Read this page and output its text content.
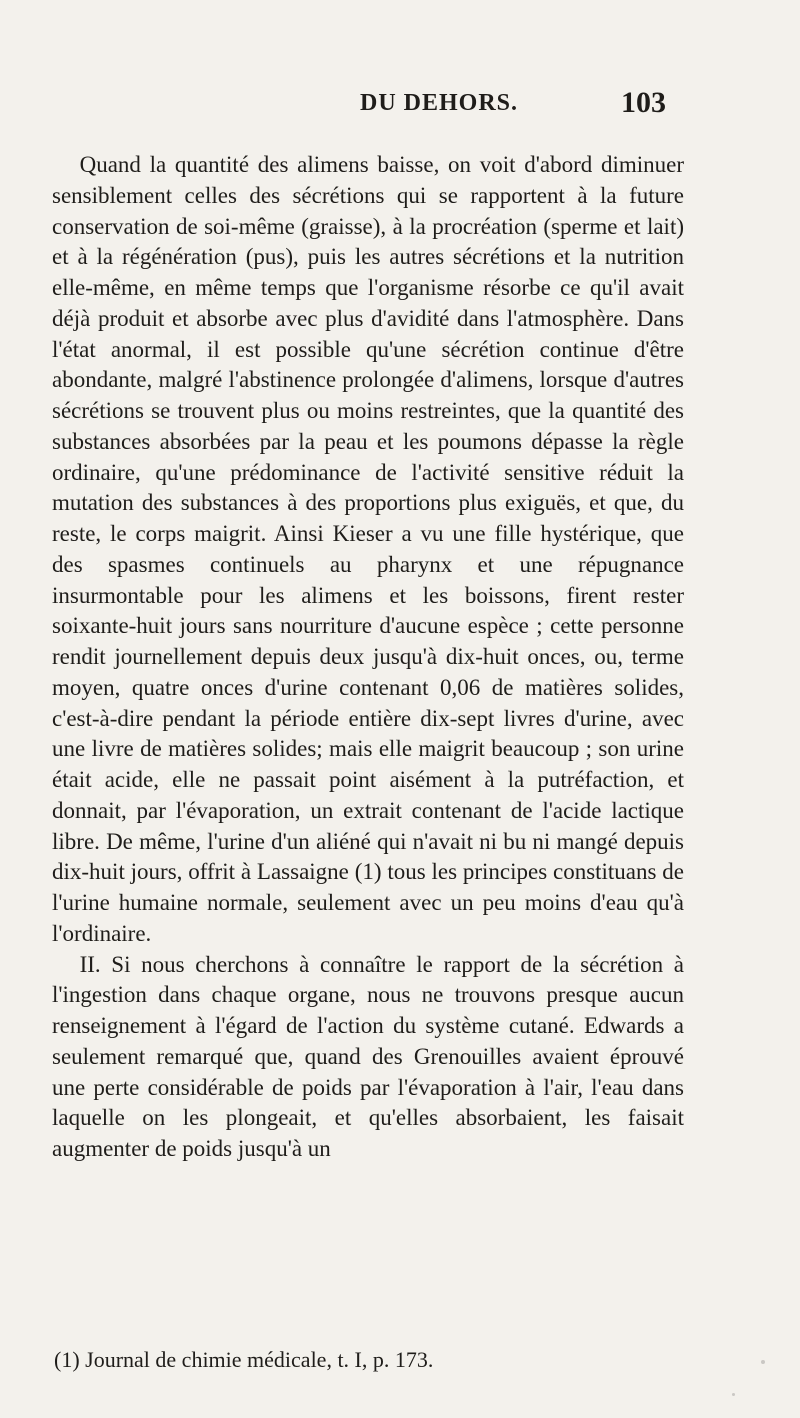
DU DEHORS.	103

Quand la quantité des alimens baisse, on voit d'abord diminuer sensiblement celles des sécrétions qui se rapportent à la future conservation de soi-même (graisse), à la procréation (sperme et lait) et à la régénération (pus), puis les autres sécrétions et la nutrition elle-même, en même temps que l'organisme résorbe ce qu'il avait déjà produit et absorbe avec plus d'avidité dans l'atmosphère. Dans l'état anormal, il est possible qu'une sécrétion continue d'être abondante, malgré l'abstinence prolongée d'alimens, lorsque d'autres sécrétions se trouvent plus ou moins restreintes, que la quantité des substances absorbées par la peau et les poumons dépasse la règle ordinaire, qu'une prédominance de l'activité sensitive réduit la mutation des substances à des proportions plus exiguës, et que, du reste, le corps maigrit. Ainsi Kieser a vu une fille hystérique, que des spasmes continuels au pharynx et une répugnance insurmontable pour les alimens et les boissons, firent rester soixante-huit jours sans nourriture d'aucune espèce ; cette personne rendit journellement depuis deux jusqu'à dix-huit onces, ou, terme moyen, quatre onces d'urine contenant 0,06 de matières solides, c'est-à-dire pendant la période entière dix-sept livres d'urine, avec une livre de matières solides; mais elle maigrit beaucoup ; son urine était acide, elle ne passait point aisément à la putréfaction, et donnait, par l'évaporation, un extrait contenant de l'acide lactique libre. De même, l'urine d'un aliéné qui n'avait ni bu ni mangé depuis dix-huit jours, offrit à Lassaigne (1) tous les principes constituans de l'urine humaine normale, seulement avec un peu moins d'eau qu'à l'ordinaire.

II. Si nous cherchons à connaître le rapport de la sécrétion à l'ingestion dans chaque organe, nous ne trouvons presque aucun renseignement à l'égard de l'action du système cutané. Edwards a seulement remarqué que, quand des Grenouilles avaient éprouvé une perte considérable de poids par l'évaporation à l'air, l'eau dans laquelle on les plongeait, et qu'elles absorbaient, les faisait augmenter de poids jusqu'à un

(1) Journal de chimie médicale, t. I, p. 173.
